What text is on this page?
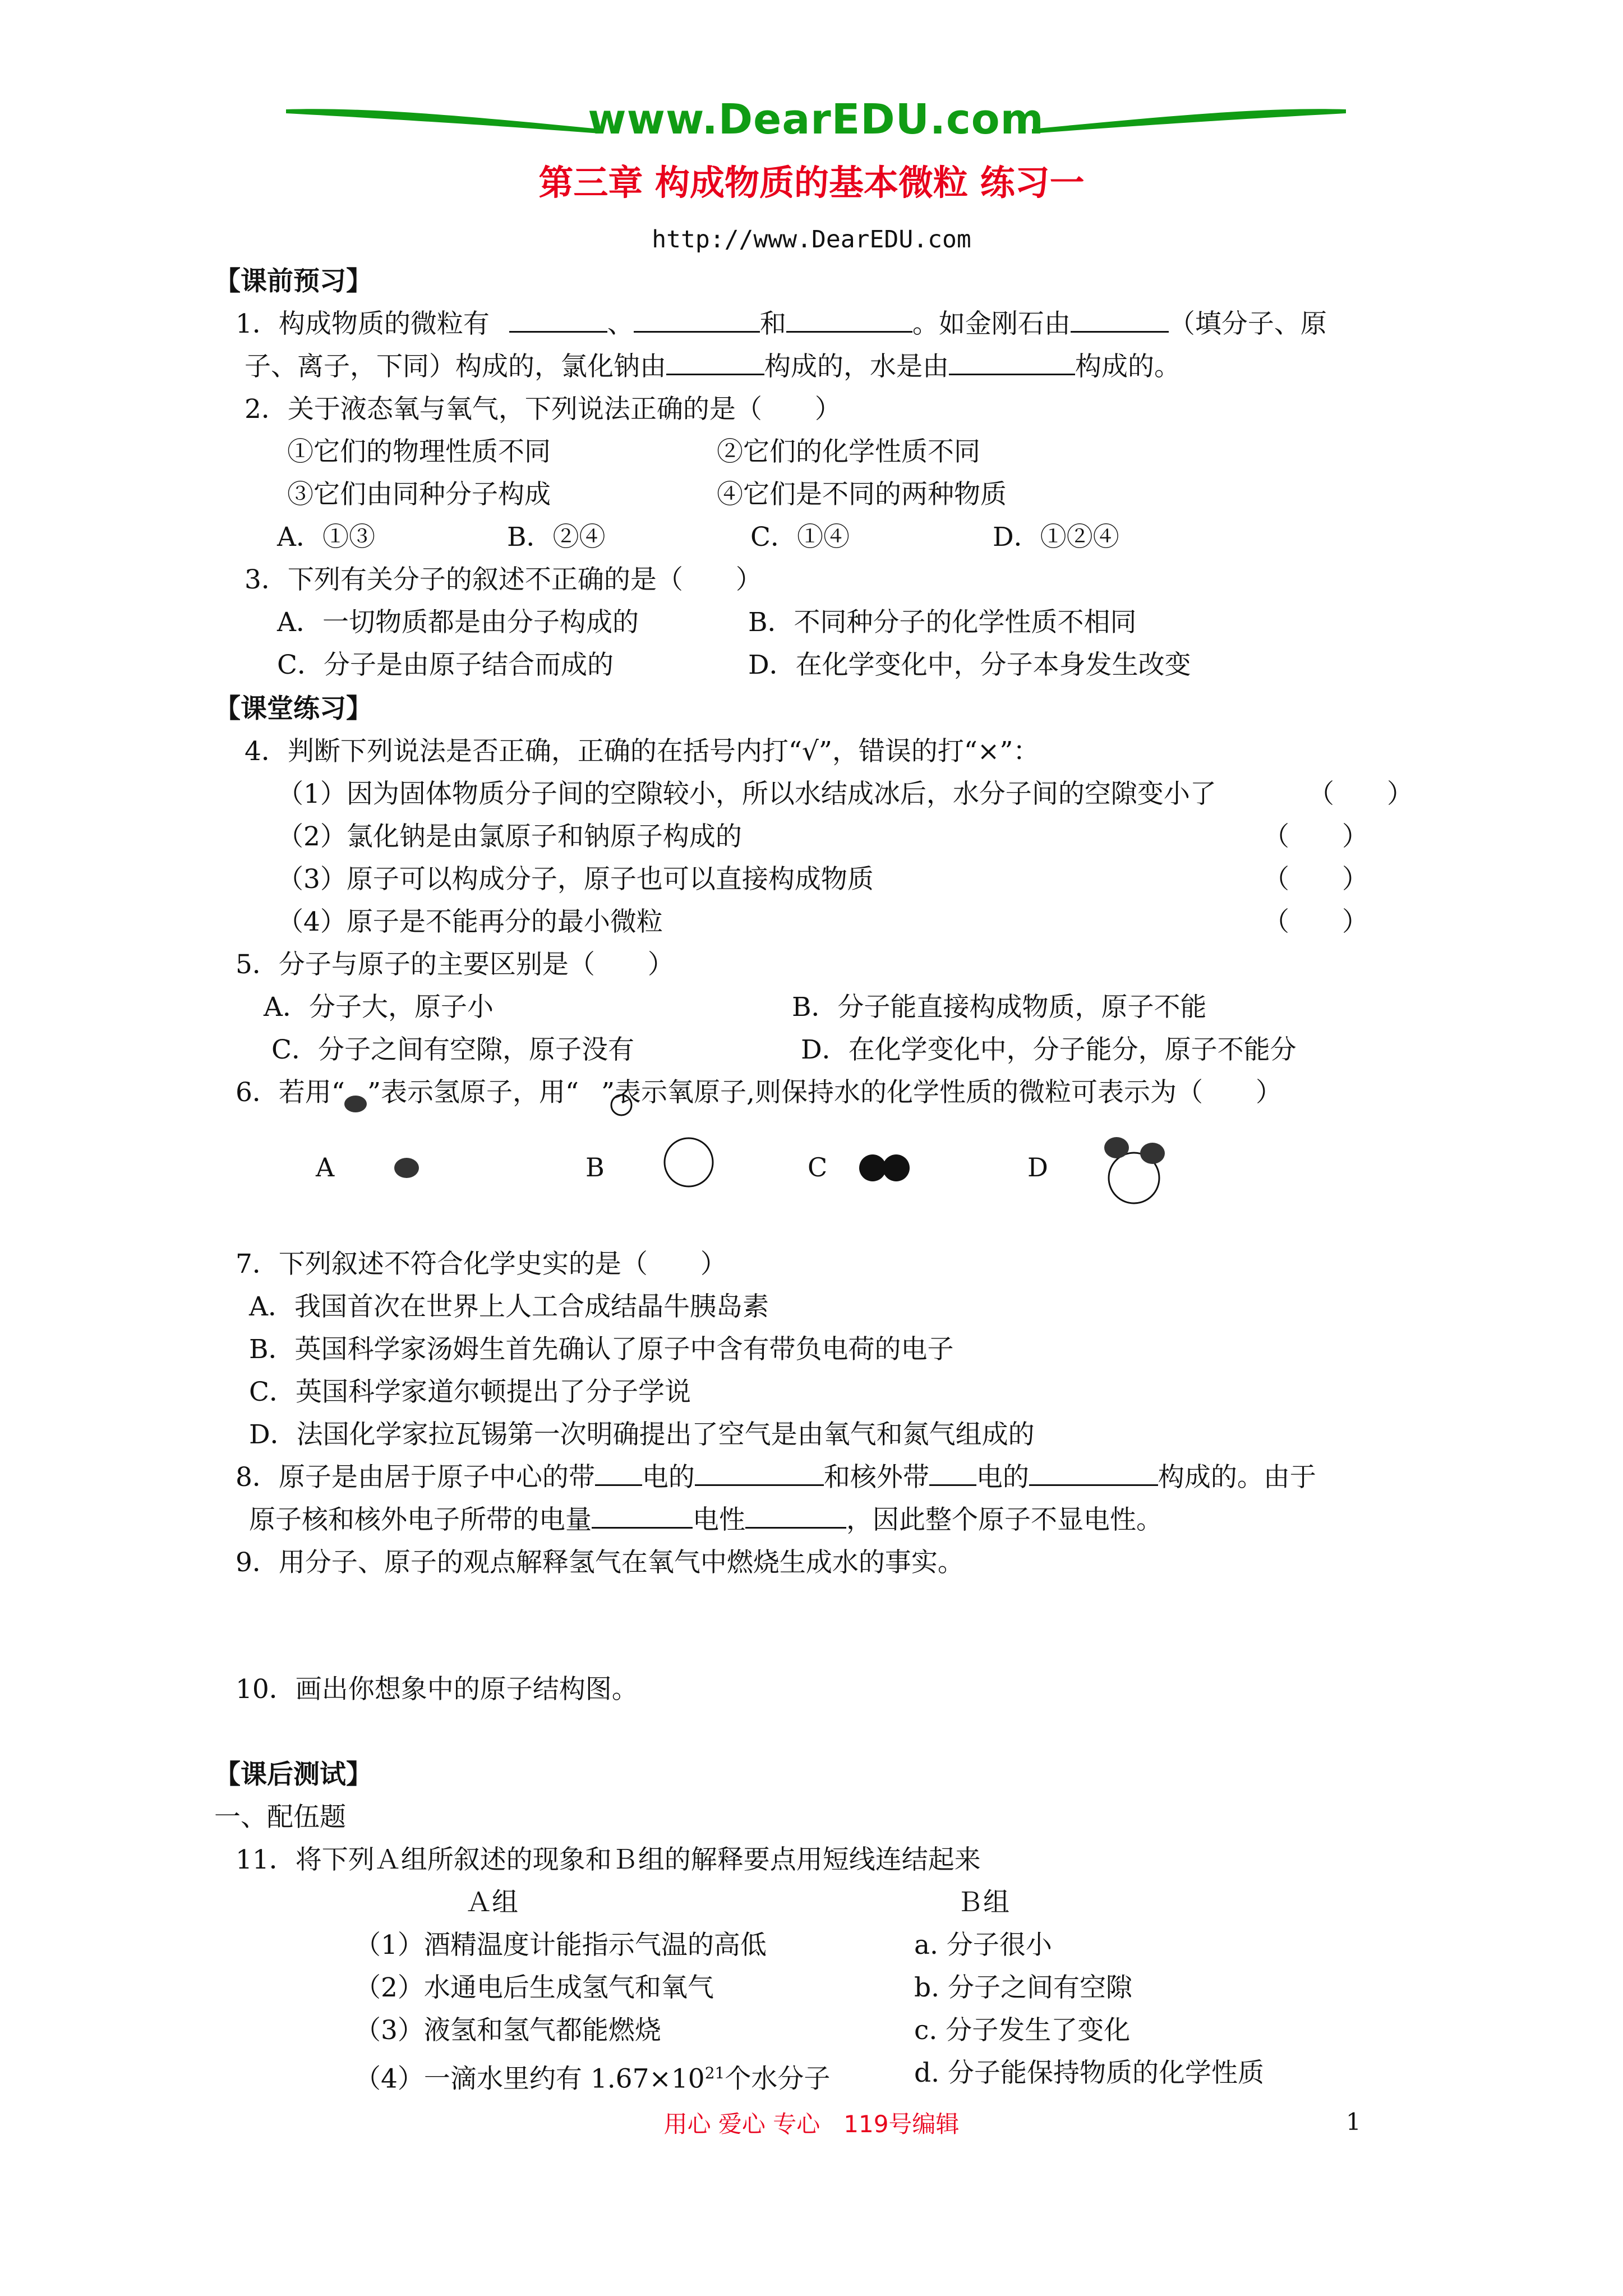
www.DearEDU.com
第三章 构成物质的基本微粒 练习一
http://www.DearEDU.com
【课前预习】
1．构成物质的微粒有	、	和	。如金刚石由	（填分子、原
子、离子，下同）构成的，氯化钠由	构成的，水是由	构成的。
2．关于液态氧与氧气，下列说法正确的是（　　）
①它们的物理性质不同	②它们的化学性质不同
③它们由同种分子构成	④它们是不同的两种物质
A．①③	B．②④	C．①④	D．①②④
3．下列有关分子的叙述不正确的是（　　）
A．一切物质都是由分子构成的	B．不同种分子的化学性质不相同
C．分子是由原子结合而成的	D．在化学变化中，分子本身发生改变
【课堂练习】
4．判断下列说法是否正确，正确的在括号内打“√”，错误的打“×”：
（1）因为固体物质分子间的空隙较小，所以水结成冰后，水分子间的空隙变小了	（　　）
（2）氯化钠是由氯原子和钠原子构成的	（　　）
（3）原子可以构成分子，原子也可以直接构成物质	（　　）
（4）原子是不能再分的最小微粒	（　　）
5．分子与原子的主要区别是（　　）
A．分子大，原子小	B．分子能直接构成物质，原子不能
C．分子之间有空隙，原子没有	D．在化学变化中，分子能分，原子不能分
6．若用“ ”表示氢原子，用“ ”表示氧原子,则保持水的化学性质的微粒可表示为（　　）
A	B	C	D
7．下列叙述不符合化学史实的是（　　）
A．我国首次在世界上人工合成结晶牛胰岛素
B．英国科学家汤姆生首先确认了原子中含有带负电荷的电子
C．英国科学家道尔顿提出了分子学说
D．法国化学家拉瓦锡第一次明确提出了空气是由氧气和氮气组成的
8．原子是由居于原子中心的带 电的	和核外带 电的	构成的。由于
原子核和核外电子所带的电量	电性	，因此整个原子不显电性。
9．用分子、原子的观点解释氢气在氧气中燃烧生成水的事实。
10．画出你想象中的原子结构图。
【课后测试】
一、配伍题
11．将下列Ａ组所叙述的现象和Ｂ组的解释要点用短线连结起来
Ａ组	Ｂ组
（1）酒精温度计能指示气温的高低	a. 分子很小
（2）水通电后生成氢气和氧气	b. 分子之间有空隙
（3）液氢和氢气都能燃烧	c. 分子发生了变化
（4）一滴水里约有 $1.67\times 10^{21}$个水分子	d. 分子能保持物质的化学性质
用心 爱心 专心　119号编辑	1
